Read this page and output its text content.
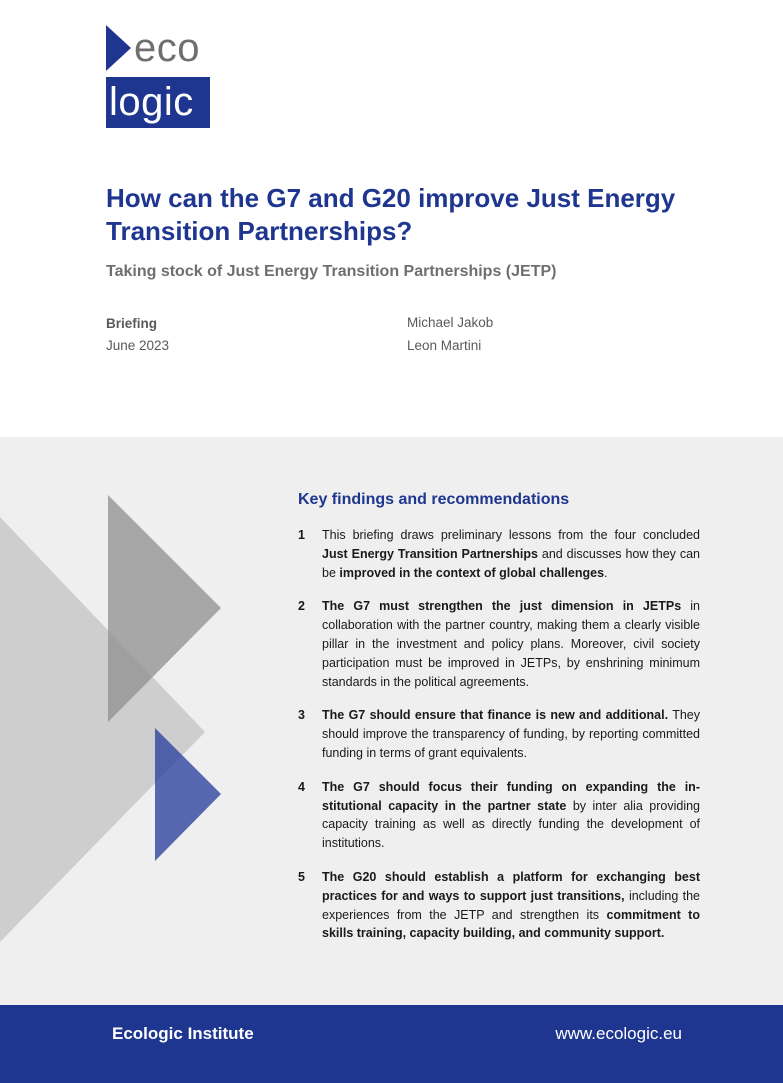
eco
logic
How can the G7 and G20 improve Just Energy Transition Partnerships?
Taking stock of Just Energy Transition Partnerships (JETP)
Briefing
June 2023
Michael Jakob
Leon Martini
Key findings and recommendations
1	This briefing draws preliminary lessons from the four concluded Just Energy Transition Partnerships and discusses how they can be improved in the context of global challenges.
2	The G7 must strengthen the just dimension in JETPs in collaboration with the partner country, making them a clearly visible pillar in the investment and policy plans. Moreover, civil society participation must be improved in JETPs, by enshrining minimum standards in the political agreements.
3	The G7 should ensure that finance is new and additional. They should improve the transparency of funding, by reporting committed funding in terms of grant equivalents.
4	The G7 should focus their funding on expanding the institutional capacity in the partner state by inter alia providing capacity training as well as directly funding the development of institutions.
5	The G20 should establish a platform for exchanging best practices for and ways to support just transitions, including the experiences from the JETP and strengthen its commitment to skills training, capacity building, and community support.
Ecologic Institute	www.ecologic.eu
